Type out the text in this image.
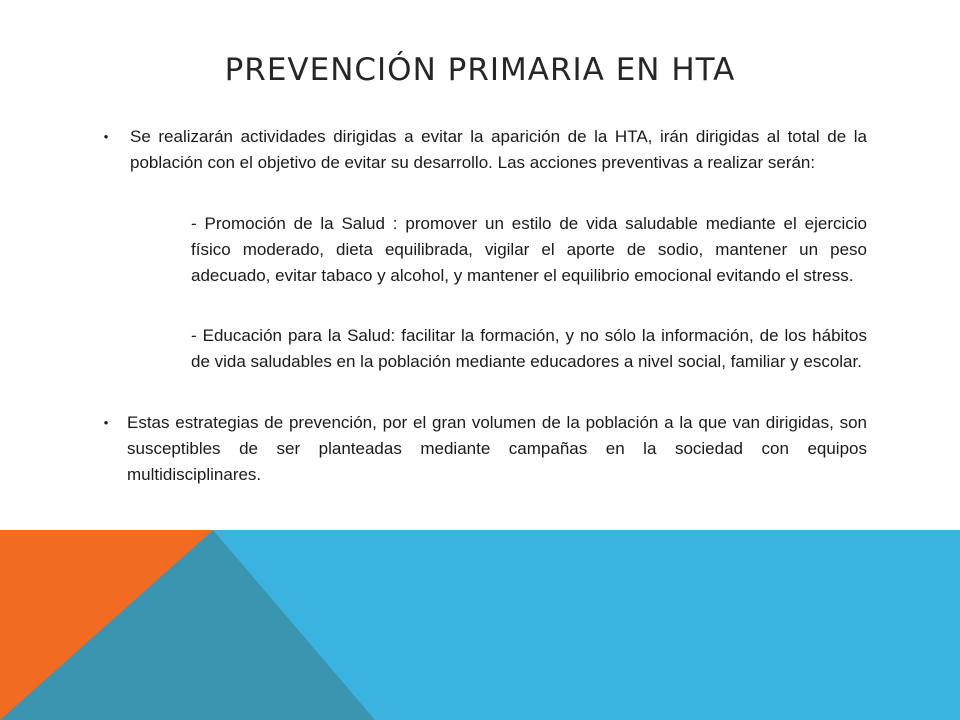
PREVENCIÓN PRIMARIA EN HTA
• Se realizarán actividades dirigidas a evitar la aparición de la HTA, irán dirigidas al total de la población con el objetivo de evitar su desarrollo. Las acciones preventivas a realizar serán:
- Promoción de la Salud : promover un estilo de vida saludable mediante el ejercicio físico moderado, dieta equilibrada, vigilar el aporte de sodio, mantener un peso adecuado, evitar tabaco y alcohol, y mantener el equilibrio emocional evitando el stress.
- Educación para la Salud: facilitar la formación, y no sólo la información, de los hábitos de vida saludables en la población mediante educadores a nivel social, familiar y escolar.
• Estas estrategias de prevención, por el gran volumen de la población a la que van dirigidas, son susceptibles de ser planteadas mediante campañas en la sociedad con equipos multidisciplinares.
